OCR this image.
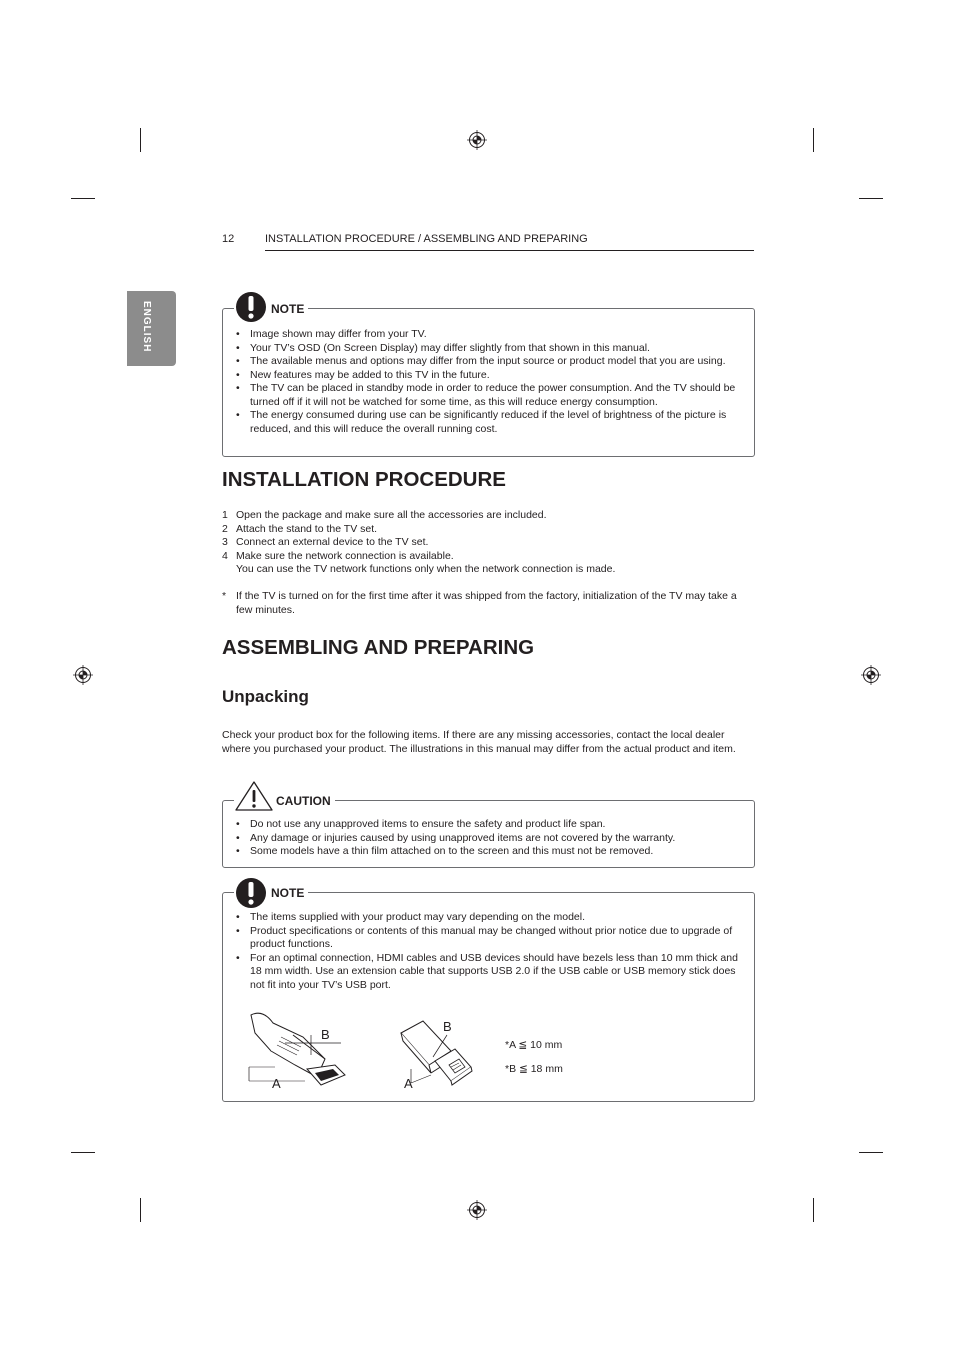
12	INSTALLATION PROCEDURE / ASSEMBLING AND PREPARING
ENGLISH
•	Image shown may differ from your TV.
• Your TV’s OSD (On Screen Display) may differ slightly from that shown in this manual.
• The available menus and options may differ from the input source or product model that you are using.
• New features may be added to this TV in the future.
• The TV can be placed in standby mode in order to reduce the power consumption. And the TV should be turned off if it will not be watched for some time, as this will reduce energy consumption.
• The energy consumed during use can be significantly reduced if the level of brightness of the picture is reduced, and this will reduce the overall running cost.
NOTE
INSTALLATION PROCEDURE
1 Open the package and make sure all the accessories are included.
2 Attach the stand to the TV set.
3 Connect an external device to the TV set.
4 Make sure the network connection is available.
You can use the TV network functions only when the network connection is made.
* If the TV is turned on for the first time after it was shipped from the factory, initialization of the TV may take a few minutes.
ASSEMBLING AND PREPARING
Unpacking
Check your product box for the following items. If there are any missing accessories, contact the local dealer where you purchased your product. The illustrations in this manual may differ from the actual product and item.
• Do not use any unapproved items to ensure the safety and product life span.
• Any damage or injuries caused by using unapproved items are not covered by the warranty.
• Some models have a thin film attached on to the screen and this must not be removed.
CAUTION
• The items supplied with your product may vary depending on the model.
• Product specifications or contents of this manual may be changed without prior notice due to upgrade of product functions.
• For an optimal connection, HDMI cables and USB devices should have bezels less than 10 mm thick and 18 mm width. Use an extension cable that supports USB 2.0 if the USB cable or USB memory stick does not fit into your TV’s USB port.
B
A
B
A
*A ≦ 10 mm
*B ≦ 18 mm
NOTE
